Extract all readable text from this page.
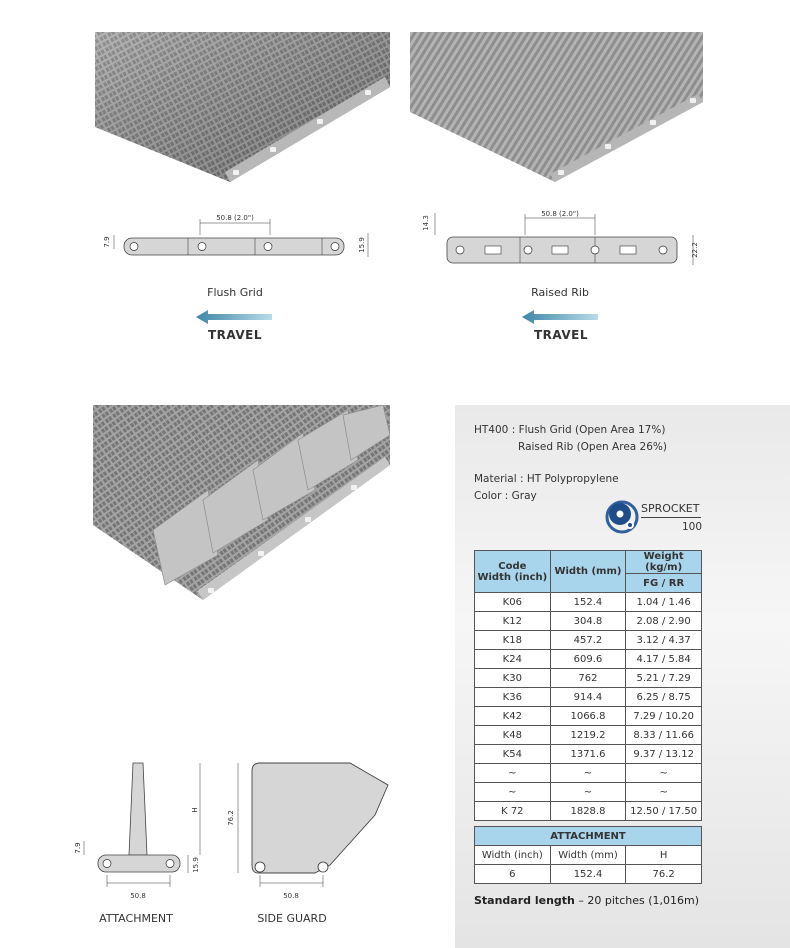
50.8 (2.0")
7.9	15.9
Flush Grid
TRAVEL
50.8 (2.0")
14.3
22.2
Raised Rib
TRAVEL
H
15.9
7.9
50.8
ATTACHMENT
76.2
50.8
SIDE GUARD
HT400 : Flush Grid (Open Area 17%)
Raised Rib (Open Area 26%)
Material : HT Polypropylene
Color : Gray
SPROCKET
100
Code
Width (inch)	Width (mm)	Weight (kg/m)
		FG / RR
K06	152.4	1.04 / 1.46
K12	304.8	2.08 / 2.90
K18	457.2	3.12 / 4.37
K24	609.6	4.17 / 5.84
K30	762	5.21 / 7.29
K36	914.4	6.25 / 8.75
K42	1066.8	7.29 / 10.20
K48	1219.2	8.33 / 11.66
K54	1371.6	9.37 / 13.12
~	~	~
~	~	~
K 72	1828.8	12.50 / 17.50
ATTACHMENT		
Width (inch)	Width (mm)	H
6	152.4	76.2
Standard length – 20 pitches (1,016m)
